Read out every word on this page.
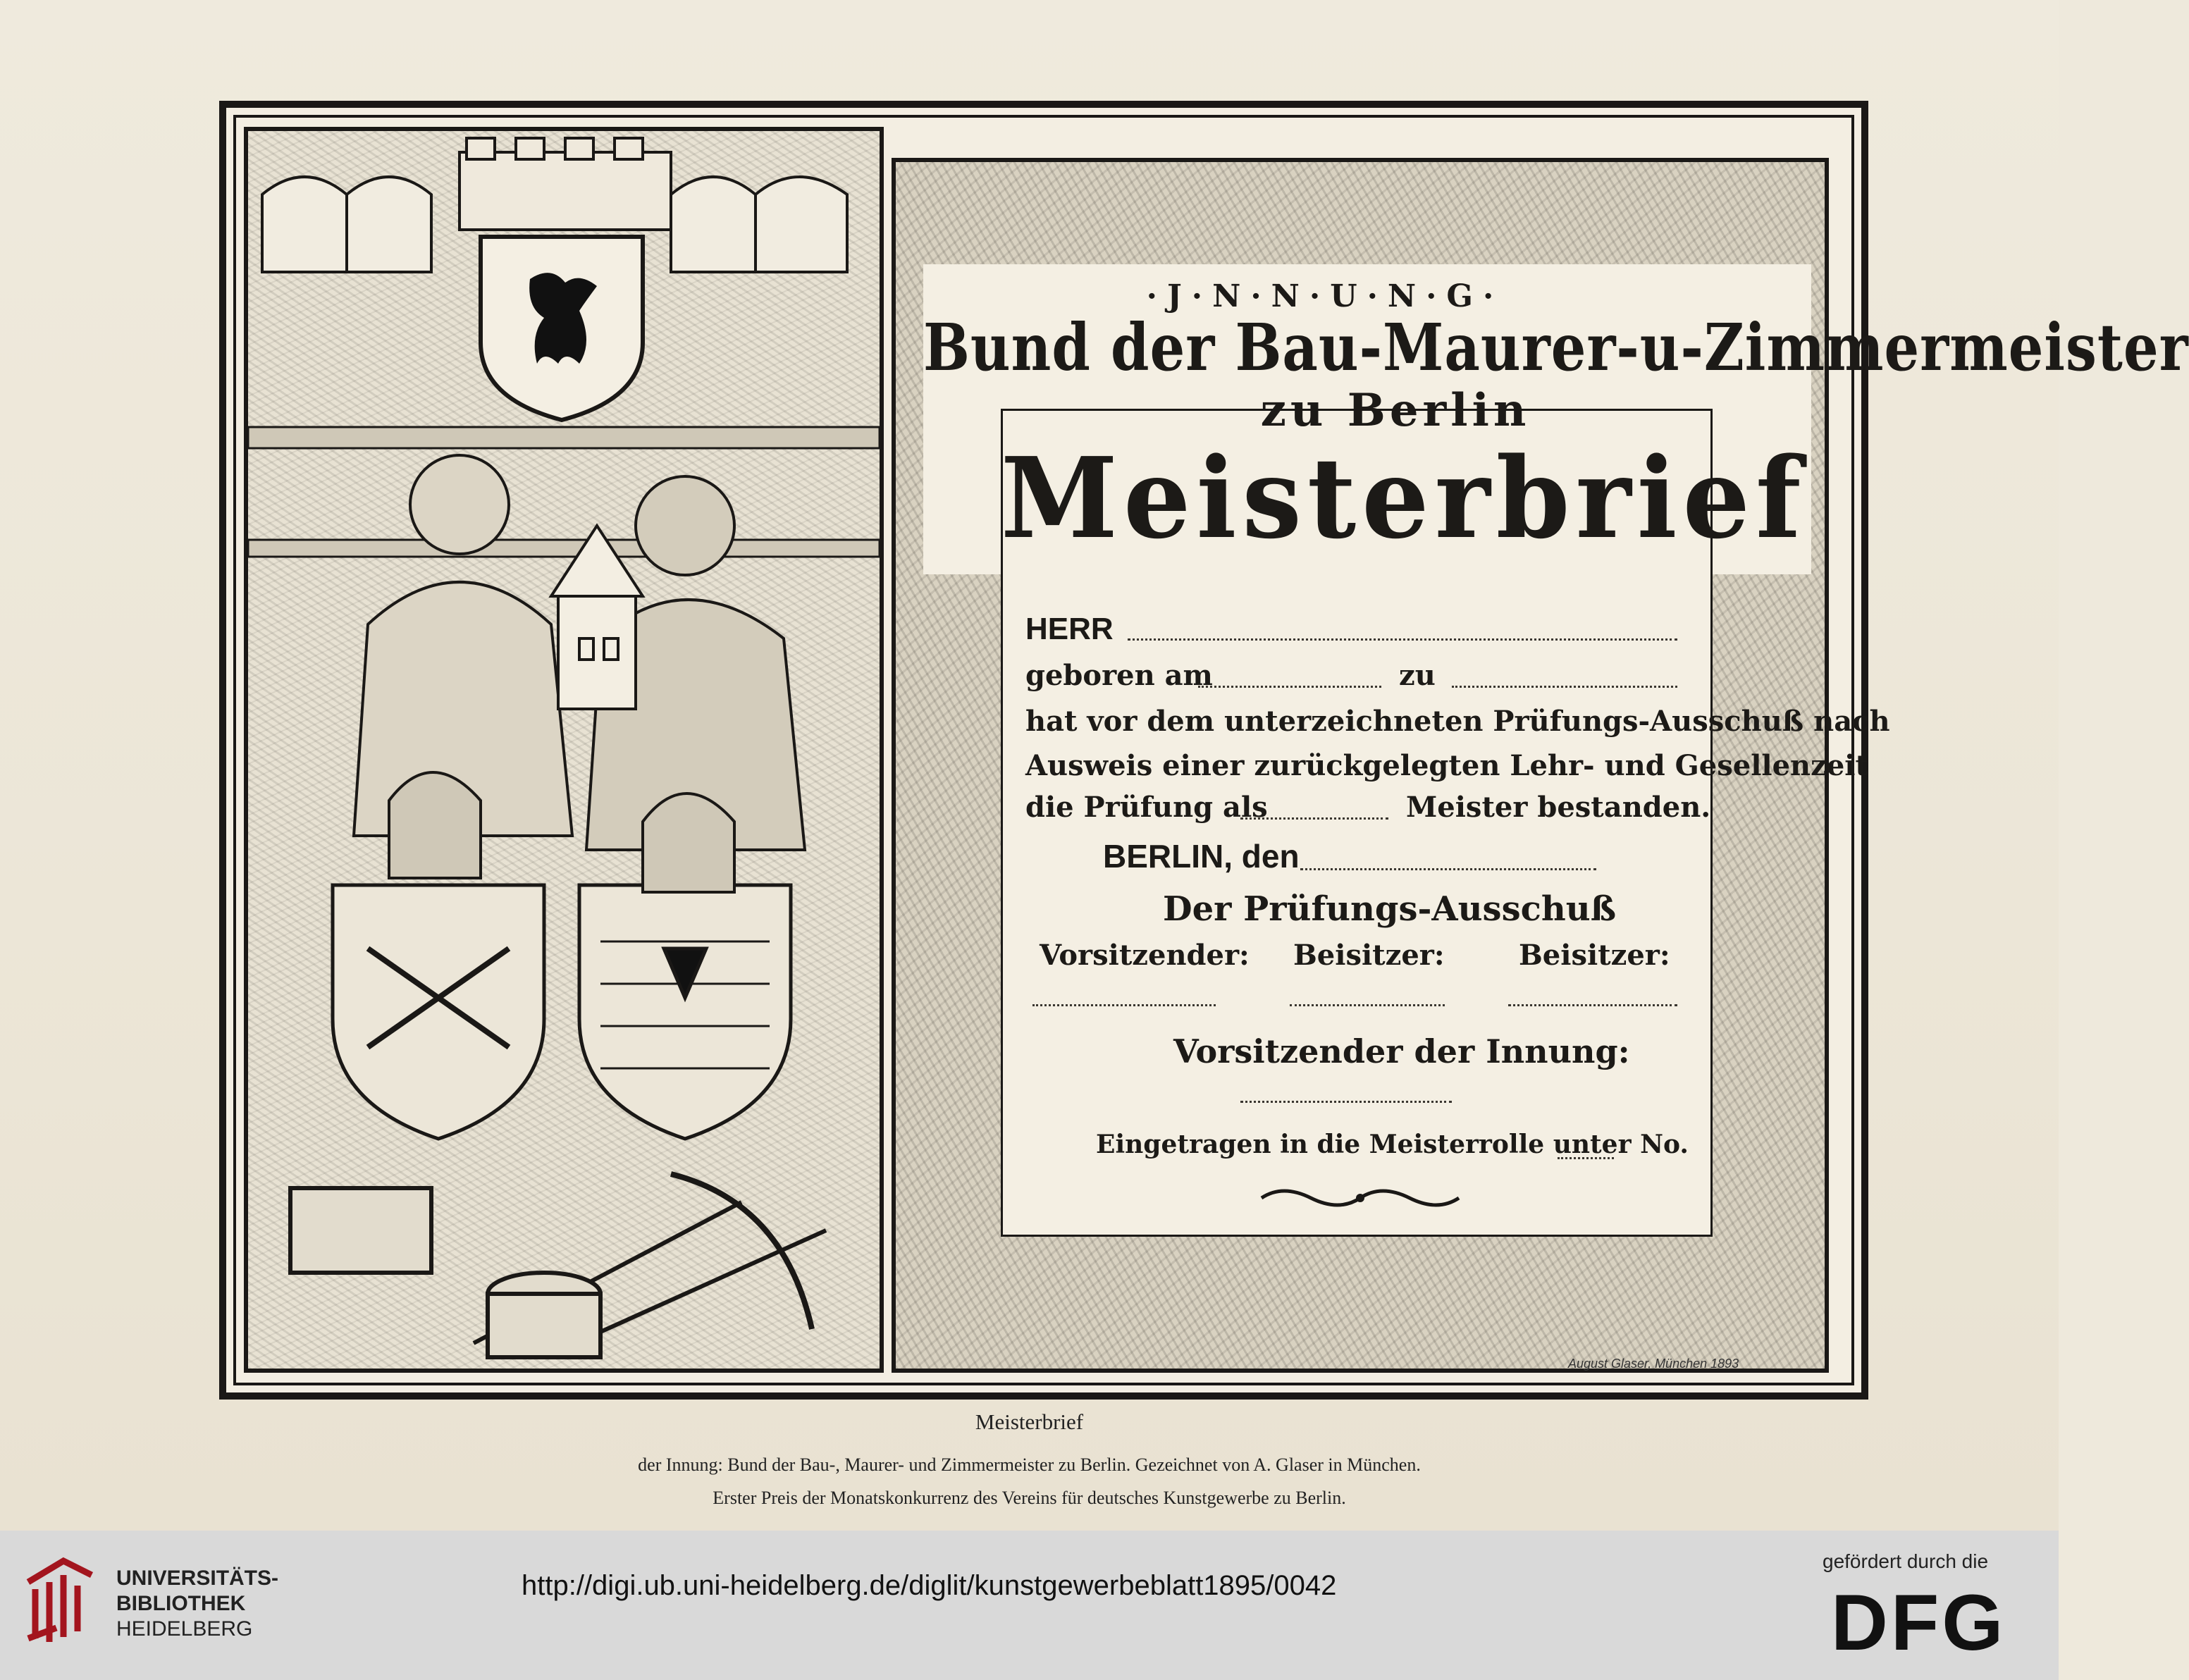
·J·N·N·U·N·G·
Bund der Bau-Maurer-u-Zimmermeister
zu Berlin
Meisterbrief
HERR
geboren am	zu
hat vor dem unterzeichneten Prüfungs-Ausschuß nach
Ausweis einer zurückgelegten Lehr- und Gesellenzeit
die Prüfung als	Meister bestanden.
BERLIN, den
Der Prüfungs-Ausschuß
Vorsitzender: Beisitzer:	Beisitzer:
Vorsitzender der Innung:
Eingetragen in die Meisterrolle unter No.
August Glaser, München 1893
Meisterbrief
der Innung: Bund der Bau-, Maurer- und Zimmermeister zu Berlin. Gezeichnet von A. Glaser in München.
Erster Preis der Monatskonkurrenz des Vereins für deutsches Kunstgewerbe zu Berlin.
UNIVERSITÄTS-
BIBLIOTHEK
HEIDELBERG
http://digi.ub.uni-heidelberg.de/diglit/kunstgewerbeblatt1895/0042
gefördert durch die
DFG
